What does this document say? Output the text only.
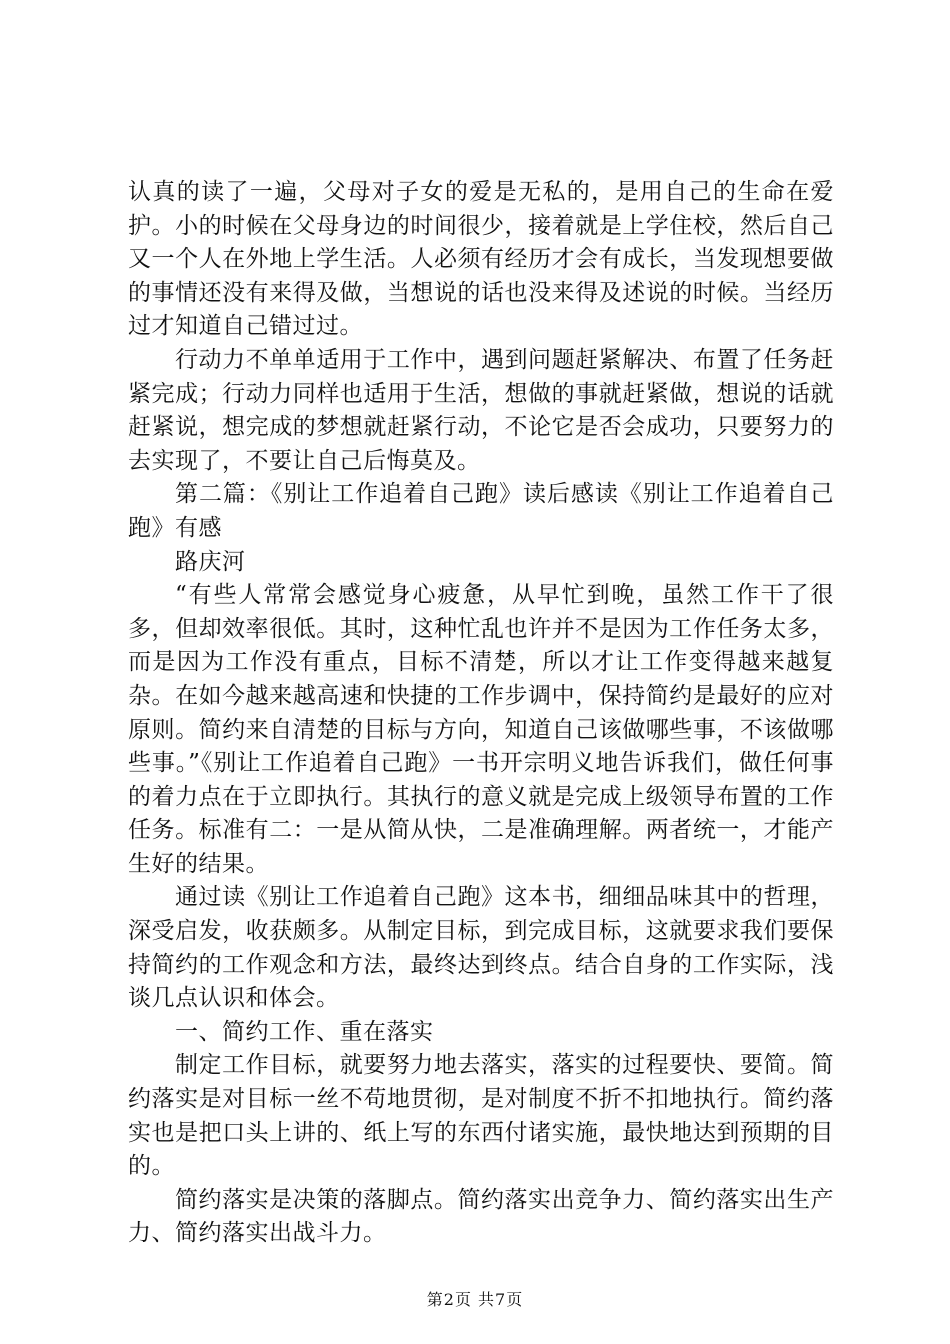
认真的读了一遍，父母对子女的爱是无私的，是用自己的生命在爱护。小的时候在父母身边的时间很少，接着就是上学住校，然后自己又一个人在外地上学生活。人必须有经历才会有成长，当发现想要做的事情还没有来得及做，当想说的话也没来得及述说的时候。当经历过才知道自己错过过。

行动力不单单适用于工作中，遇到问题赶紧解决、布置了任务赶紧完成；行动力同样也适用于生活，想做的事就赶紧做，想说的话就赶紧说，想完成的梦想就赶紧行动，不论它是否会成功，只要努力的去实现了，不要让自己后悔莫及。

第二篇：《别让工作追着自己跑》读后感读《别让工作追着自己跑》有感

路庆河

“有些人常常会感觉身心疲惫，从早忙到晚，虽然工作干了很多，但却效率很低。其时，这种忙乱也许并不是因为工作任务太多，而是因为工作没有重点，目标不清楚，所以才让工作变得越来越复杂。在如今越来越高速和快捷的工作步调中，保持简约是最好的应对原则。简约来自清楚的目标与方向，知道自己该做哪些事，不该做哪些事。”《别让工作追着自己跑》一书开宗明义地告诉我们，做任何事的着力点在于立即执行。其执行的意义就是完成上级领导布置的工作任务。标准有二：一是从简从快，二是准确理解。两者统一，才能产生好的结果。

通过读《别让工作追着自己跑》这本书，细细品味其中的哲理，深受启发，收获颇多。从制定目标，到完成目标，这就要求我们要保持简约的工作观念和方法，最终达到终点。结合自身的工作实际，浅谈几点认识和体会。

一、简约工作、重在落实

制定工作目标，就要努力地去落实，落实的过程要快、要简。简约落实是对目标一丝不苟地贯彻，是对制度不折不扣地执行。简约落实也是把口头上讲的、纸上写的东西付诸实施，最快地达到预期的目的。

简约落实是决策的落脚点。简约落实出竞争力、简约落实出生产力、简约落实出战斗力。

第2页 共7页
